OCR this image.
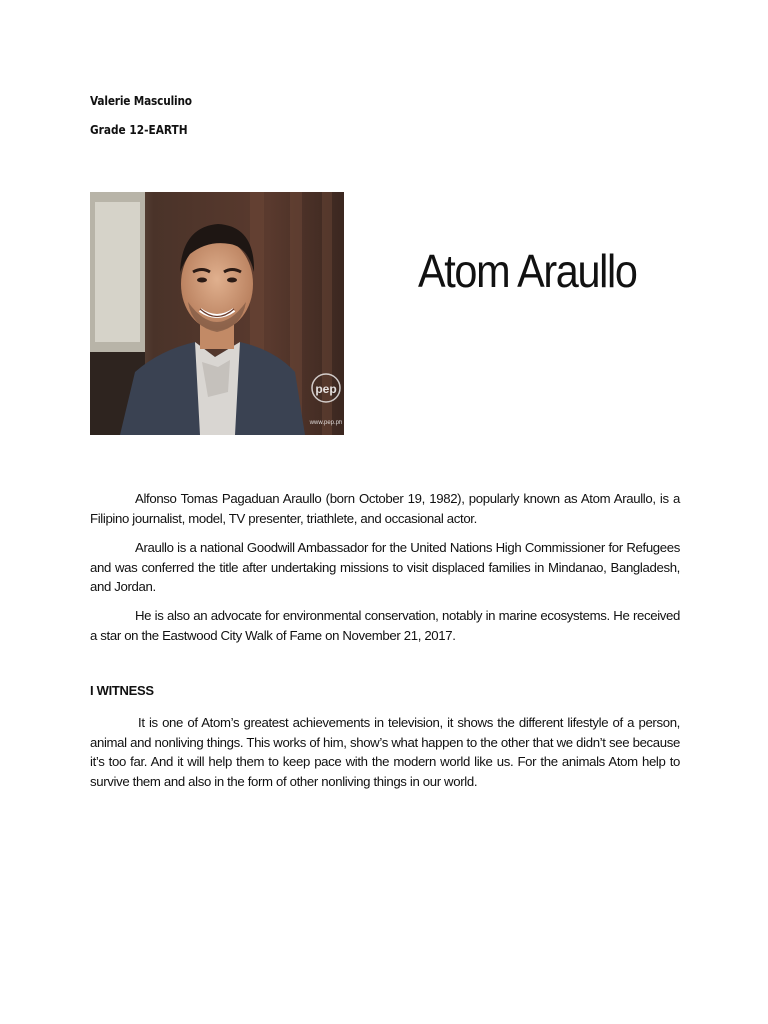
Valerie Masculino
Grade 12-EARTH
pep
www.pep.ph
Atom Araullo

Alfonso Tomas Pagaduan Araullo (born October 19, 1982), popularly known as Atom Araullo, is a Filipino journalist, model, TV presenter, triathlete, and occasional actor.

Araullo is a national Goodwill Ambassador for the United Nations High Commissioner for Refugees and was conferred the title after undertaking missions to visit displaced families in Mindanao, Bangladesh, and Jordan.

He is also an advocate for environmental conservation, notably in marine ecosystems. He received a star on the Eastwood City Walk of Fame on November 21, 2017.

I WITNESS

It is one of Atom’s greatest achievements in television, it shows the different lifestyle of a person, animal and nonliving things. This works of him, show’s what happen to the other that we didn’t see because it’s too far. And it will help them to keep pace with the modern world like us. For the animals Atom help to survive them and also in the form of other nonliving things in our world.
